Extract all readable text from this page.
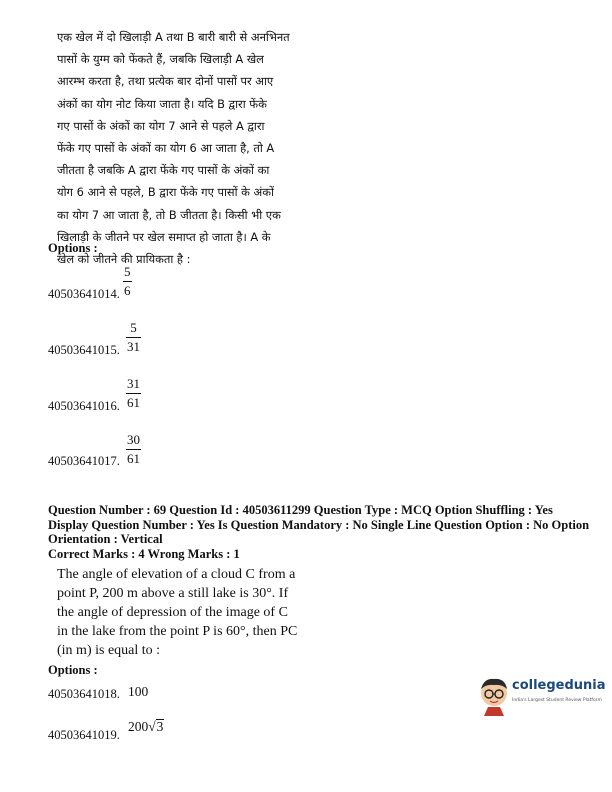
एक खेल में दो खिलाड़ी A तथा B बारी बारी से अनभिनत
पासों के युग्म को फेंकते हैं, जबकि खिलाड़ी A खेल
आरम्भ करता है, तथा प्रत्येक बार दोनों पासों पर आए
अंकों का योग नोट किया जाता है। यदि B द्वारा फेंके
गए पासों के अंकों का योग 7 आने से पहले A द्वारा
फेंके गए पासों के अंकों का योग 6 आ जाता है, तो A
जीतता है जबकि A द्वारा फेंके गए पासों के अंकों का
योग 6 आने से पहले, B द्वारा फेंके गए पासों के अंकों
का योग 7 आ जाता है, तो B जीतता है। किसी भी एक
खिलाड़ी के जीतने पर खेल समाप्त हो जाता है। A के
खेल को जीतने की प्रायिकता है :
Options :
5
6
40503641014.
5
31
40503641015.
31
61
40503641016.
30
61
40503641017.
Question Number : 69 Question Id : 40503611299 Question Type : MCQ Option Shuffling : Yes
Display Question Number : Yes Is Question Mandatory : No Single Line Question Option : No Option
Orientation : Vertical
Correct Marks : 4 Wrong Marks : 1
The angle of elevation of a cloud C from a
point P, 200 m above a still lake is 30°. If
the angle of depression of the image of C
in the lake from the point P is 60°, then PC
(in m) is equal to :
Options :
40503641018. 100
40503641019.
200√3
collegedunia
India's Largest Student Review Platform
